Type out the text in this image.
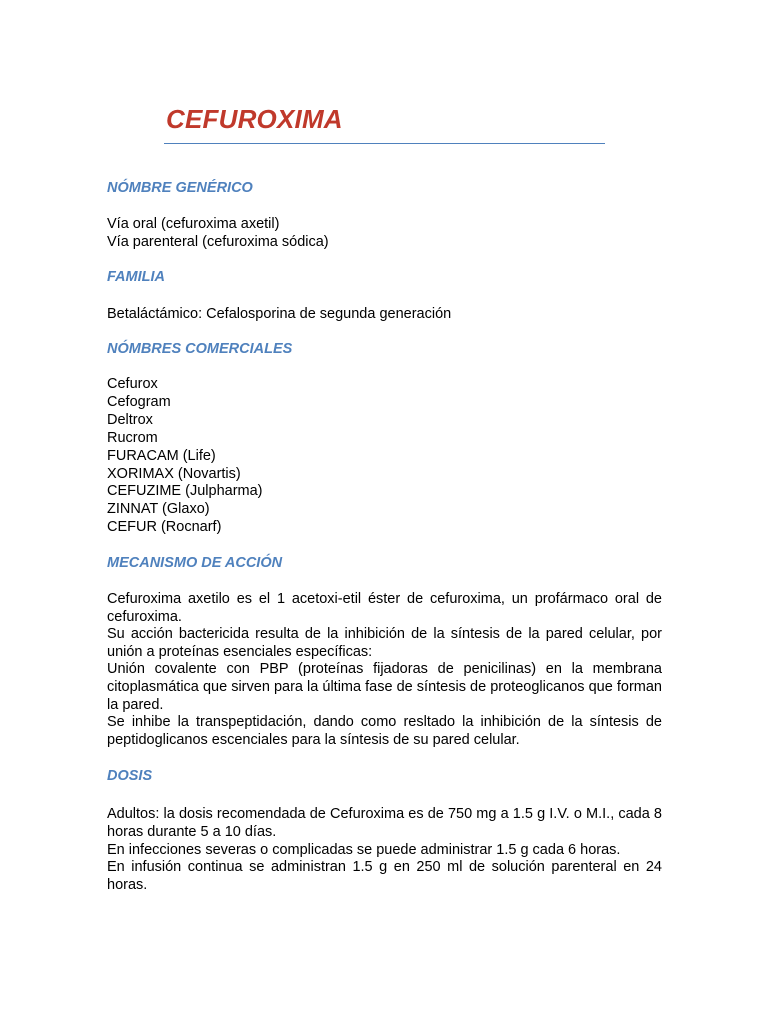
CEFUROXIMA
NÓMBRE GENÉRICO
Vía oral (cefuroxima axetil)
Vía parenteral (cefuroxima sódica)
FAMILIA
Betaláctámico: Cefalosporina de segunda generación
NÓMBRES COMERCIALES
Cefurox
Cefogram
Deltrox
Rucrom
FURACAM (Life)
XORIMAX (Novartis)
CEFUZIME (Julpharma)
ZINNAT (Glaxo)
CEFUR (Rocnarf)
MECANISMO DE ACCIÓN
Cefuroxima axetilo es el 1 acetoxi-etil éster de cefuroxima, un profármaco oral de cefuroxima.
Su acción bactericida resulta de la inhibición de la síntesis de la pared celular, por unión a proteínas esenciales específicas:
Unión covalente con PBP (proteínas fijadoras de penicilinas) en la membrana citoplasmática que sirven para la última fase de síntesis de proteoglicanos que forman la pared.
Se inhibe la transpeptidación, dando como resltado la inhibición de la síntesis de peptidoglicanos escenciales para la síntesis de su pared celular.
DOSIS
Adultos: la dosis recomendada de Cefuroxima es de 750 mg a 1.5 g I.V. o M.I., cada 8 horas durante 5 a 10 días.
En infecciones severas o complicadas se puede administrar 1.5 g cada 6 horas.
En infusión continua se administran 1.5 g en 250 ml de solución parenteral en 24 horas.
